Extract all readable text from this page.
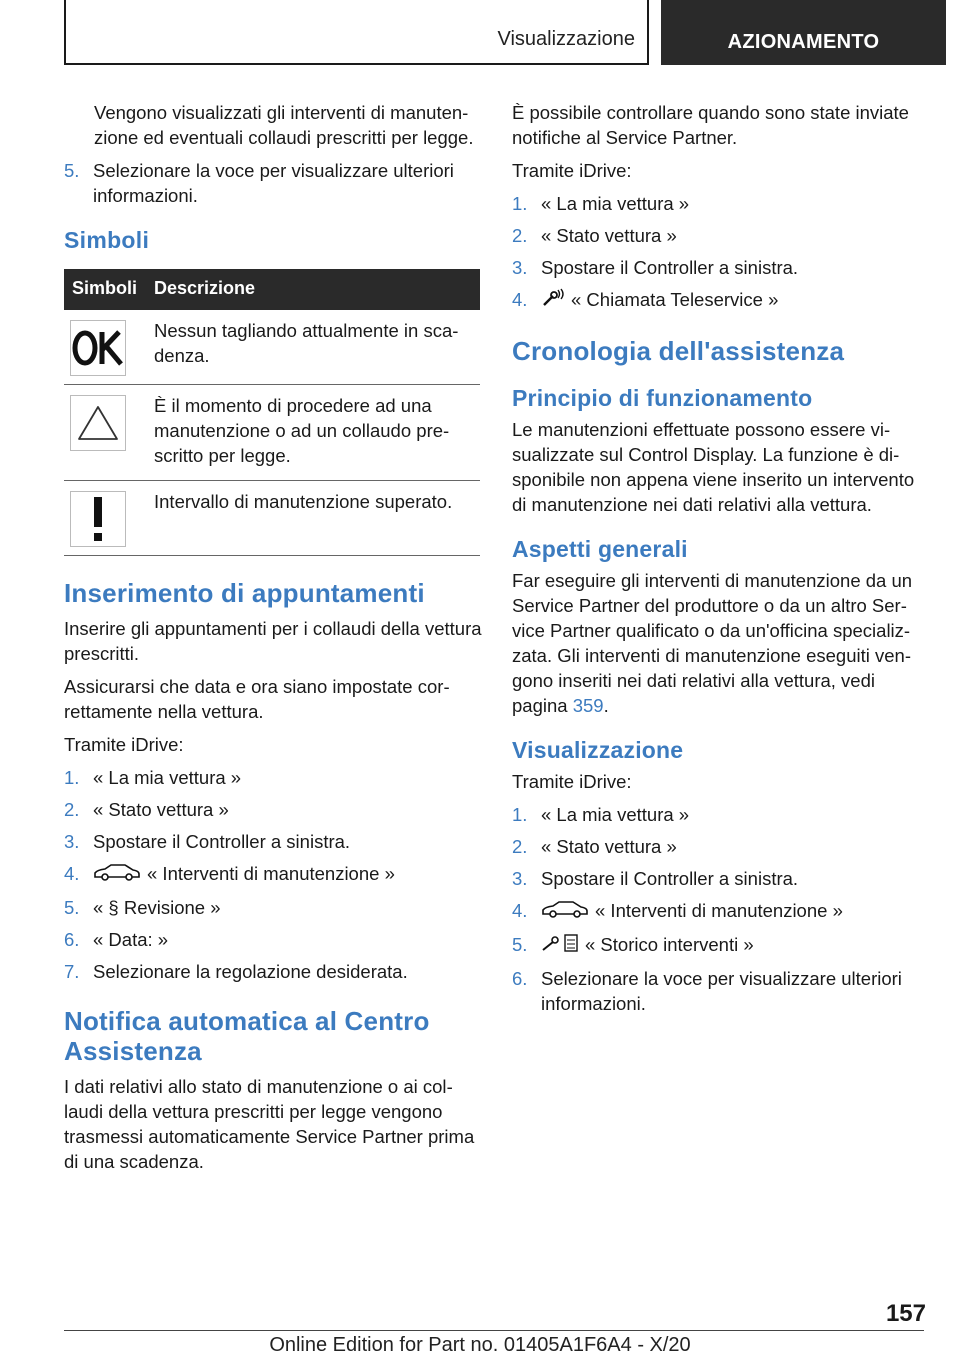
Visualizzazione	AZIONAMENTO

Vengono visualizzati gli interventi di manutenzione ed eventuali collaudi prescritti per legge.

5. Selezionare la voce per visualizzare ulteriori informazioni.
Simboli
Simboli	Descrizione

	Nessun tagliando attualmente in scadenza.

	È il momento di procedere ad una manutenzione o ad un collaudo prescritto per legge.

	Intervallo di manutenzione superato.
Inserimento di appuntamenti

Inserire gli appuntamenti per i collaudi della vettura prescritti.

Assicurarsi che data e ora siano impostate correttamente nella vettura.

Tramite iDrive:

1. « La mia vettura »
2. « Stato vettura »
3. Spostare il Controller a sinistra.
4.	« Interventi di manutenzione »
5. « § Revisione »
6. « Data: »
7. Selezionare la regolazione desiderata.
Notifica automatica al Centro Assistenza

I dati relativi allo stato di manutenzione o ai collaudi della vettura prescritti per legge vengono trasmessi automaticamente Service Partner prima di una scadenza.

È possibile controllare quando sono state inviate notifiche al Service Partner.

Tramite iDrive:

1. « La mia vettura »
2. « Stato vettura »
3. Spostare il Controller a sinistra.
4. « Chiamata Teleservice »
Cronologia dell'assistenza
Principio di funzionamento

Le manutenzioni effettuate possono essere visualizzate sul Control Display. La funzione è disponibile non appena viene inserito un intervento di manutenzione nei dati relativi alla vettura.

Aspetti generali

Far eseguire gli interventi di manutenzione da un Service Partner del produttore o da un altro Service Partner qualificato o da un'officina specializzata. Gli interventi di manutenzione eseguiti vengono inseriti nei dati relativi alla vettura, vedi pagina 359.

Visualizzazione

Tramite iDrive:

1. « La mia vettura »
2. « Stato vettura »
3. Spostare il Controller a sinistra.
4.	« Interventi di manutenzione »
5.	« Storico interventi »
6. Selezionare la voce per visualizzare ulteriori informazioni.
157
Online Edition for Part no. 01405A1F6A4 - X/20
